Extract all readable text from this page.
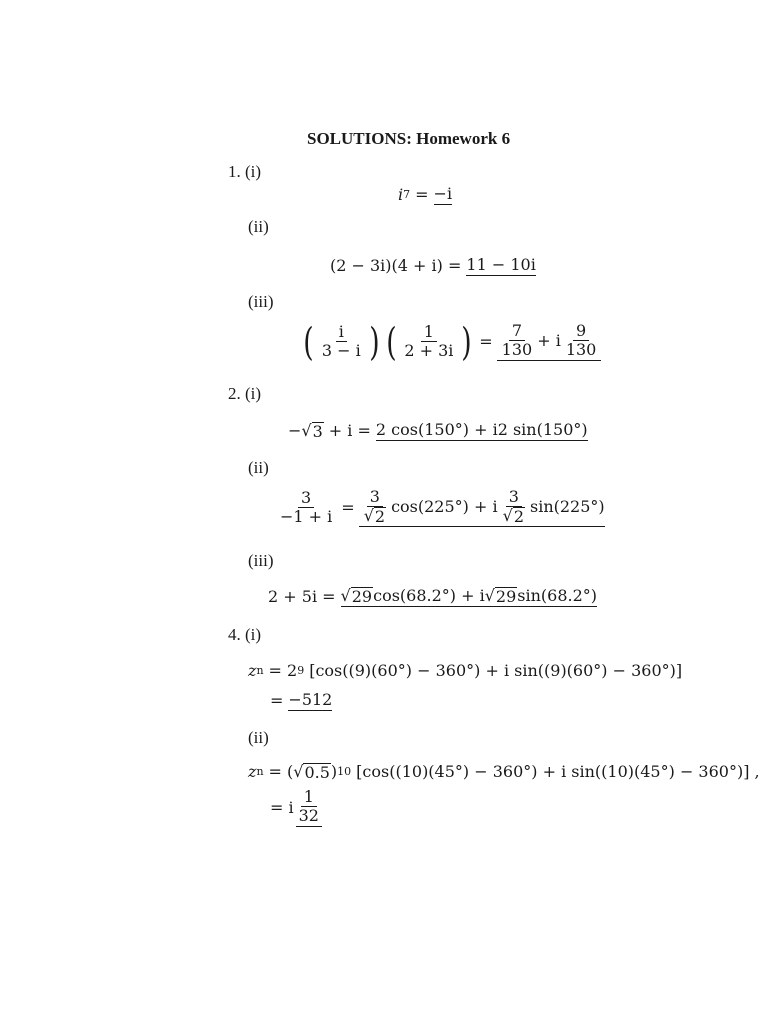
SOLUTIONS: Homework 6
1. (i)
i 7 = −i
(ii)
(2 − 3i)(4 + i) = 11 − 10i
(iii)
( $\frac{i}{3 - i}$ ) ( $\frac{1}{2 + 3i}$ ) = $\frac{7}{130} + i \frac{9}{130}$
2. (i)
− √ 3 + i = 2 cos(150°) + i2 sin(150°)
(ii)
$\frac{3}{-1 + i} = \frac{3}{√ 2} \cos(225^\circ) + i \frac{3}{√ 2} \sin(225^\circ)$
(iii)
2 + 5i = √ 29 cos(68.2°) + i √ 29 sin(68.2°)
4. (i)
z n = 2 9 [cos((9)(60°) − 360°) + i sin((9)(60°) − 360°)]
= −512
(ii)
z n = ( √ 0.5 ) 10 [cos((10)(45°) − 360°) + i sin((10)(45°) − 360°)] ,
= i $\frac{1}{32}$
